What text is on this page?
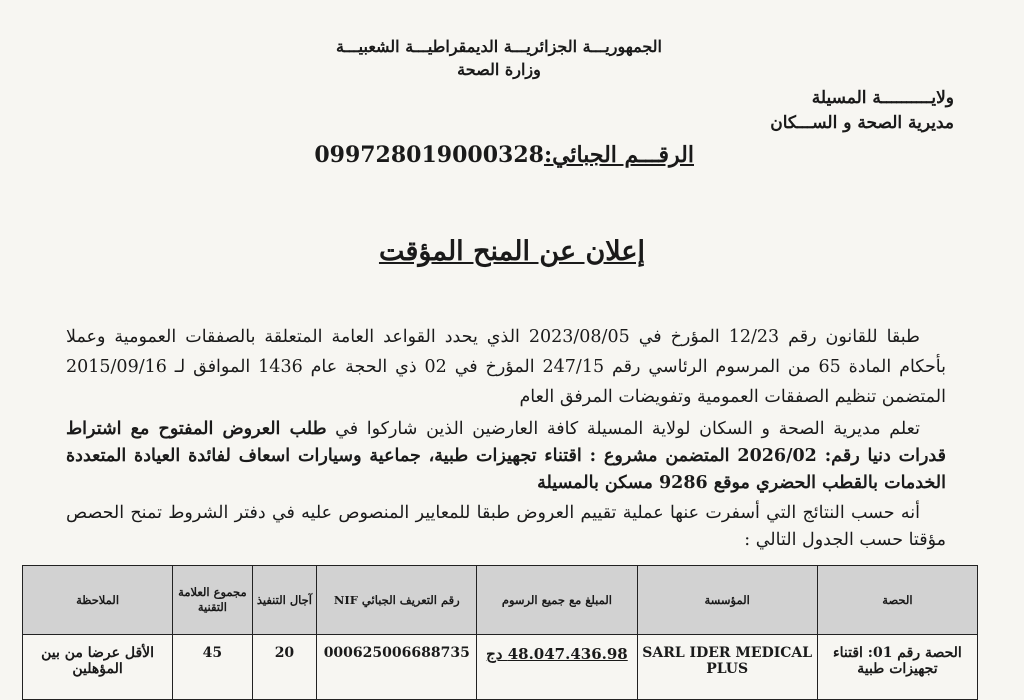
الجمهوريـــة الجزائريـــة الديمقراطيـــة الشعبيـــة
وزارة الصحة
ولايــــــــــة المسيلة
مديرية الصحة و الســـكان
الرقـــم الجبائي:099728019000328
إعلان عن المنح المؤقت
طبقا للقانون رقم 12/23 المؤرخ في 2023/08/05 الذي يحدد القواعد العامة المتعلقة بالصفقات العمومية وعملا بأحكام المادة 65 من المرسوم الرئاسي رقم 247/15 المؤرخ في 02 ذي الحجة عام 1436 الموافق لـ 2015/09/16 المتضمن تنظيم الصفقات العمومية وتفويضات المرفق العام
تعلم مديرية الصحة و السكان لولاية المسيلة كافة العارضين الذين شاركوا في طلب العروض المفتوح مع اشتراط قدرات دنيا رقم: 2026/02 المتضمن مشروع : اقتناء تجهيزات طبية، جماعية وسيارات اسعاف لفائدة العيادة المتعددة الخدمات بالقطب الحضري موقع 9286 مسكن بالمسيلة
أنه حسب النتائج التي أسفرت عنها عملية تقييم العروض طبقا للمعايير المنصوص عليه في دفتر الشروط تمنح الحصص مؤقتا حسب الجدول التالي :
الحصة	المؤسسة	المبلغ مع جميع الرسوم	رقم التعريف الجبائي NIF	آجال التنفيذ	مجموع العلامة التقنية	الملاحظة
الحصة رقم 01: اقتناء تجهيزات طبية	SARL IDER MEDICAL PLUS	48.047.436.98 دج	000625006688735	20	45	الأقل عرضا من بين المؤهلين
